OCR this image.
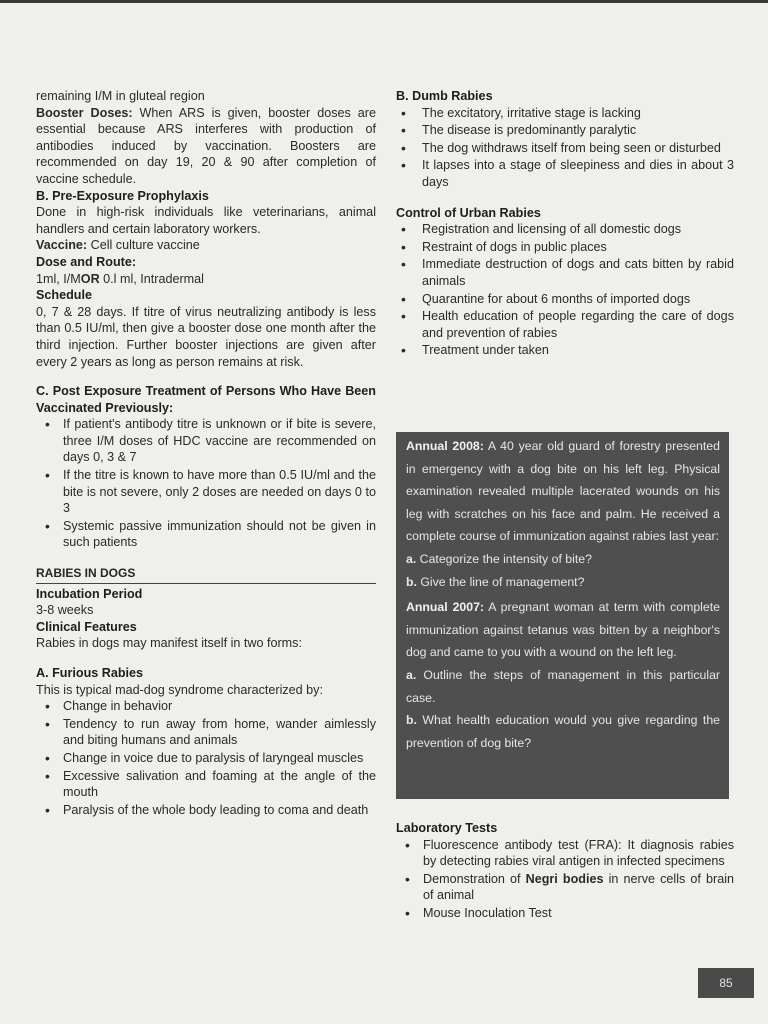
remaining I/M in gluteal region

Booster Doses: When ARS is given, booster doses are essential because ARS interferes with production of antibodies induced by vaccination. Boosters are recommended on day 19, 20 & 90 after completion of vaccine schedule.

B. Pre-Exposure Prophylaxis

Done in high-risk individuals like veterinarians, animal handlers and certain laboratory workers.

Vaccine: Cell culture vaccine

Dose and Route:

1ml, I/MOR 0.l ml, Intradermal

Schedule

0, 7 & 28 days. If titre of virus neutralizing antibody is less than 0.5 IU/ml, then give a booster dose one month after the third injection. Further booster injections are given after every 2 years as long as person remains at risk.

C. Post Exposure Treatment of Persons Who Have Been Vaccinated Previously:

• If patient's antibody titre is unknown or if bite is severe, three I/M doses of HDC vaccine are recommended on days 0, 3 & 7
• If the titre is known to have more than 0.5 IU/ml and the bite is not severe, only 2 doses are needed on days 0 to 3
• Systemic passive immunization should not be given in such patients
RABIES IN DOGS

Incubation Period

3-8 weeks

Clinical Features

Rabies in dogs may manifest itself in two forms:

A. Furious Rabies

This is typical mad-dog syndrome characterized by:

• Change in behavior
• Tendency to run away from home, wander aimlessly and biting humans and animals
• Change in voice due to paralysis of laryngeal muscles
• Excessive salivation and foaming at the angle of the mouth
• Paralysis of the whole body leading to coma and death

B. Dumb Rabies

• The excitatory, irritative stage is lacking
• The disease is predominantly paralytic
• The dog withdraws itself from being seen or disturbed
• It lapses into a stage of sleepiness and dies in about 3 days

Control of Urban Rabies

• Registration and licensing of all domestic dogs
• Restraint of dogs in public places
• Immediate destruction of dogs and cats bitten by rabid animals
• Quarantine for about 6 months of imported dogs
• Health education of people regarding the care of dogs and prevention of rabies
• Treatment under taken

Annual 2008: A 40 year old guard of forestry presented in emergency with a dog bite on his left leg. Physical examination revealed multiple lacerated wounds on his leg with scratches on his face and palm. He received a complete course of immunization against rabies last year:

a. Categorize the intensity of bite?

b. Give the line of management?

Annual 2007: A pregnant woman at term with complete immunization against tetanus was bitten by a neighbor's dog and came to you with a wound on the left leg.

a. Outline the steps of management in this particular case.

b. What health education would you give regarding the prevention of dog bite?

Laboratory Tests

• Fluorescence antibody test (FRA): It diagnosis rabies by detecting rabies viral antigen in infected specimens
• Demonstration of Negri bodies in nerve cells of brain of animal
• Mouse Inoculation Test
85
